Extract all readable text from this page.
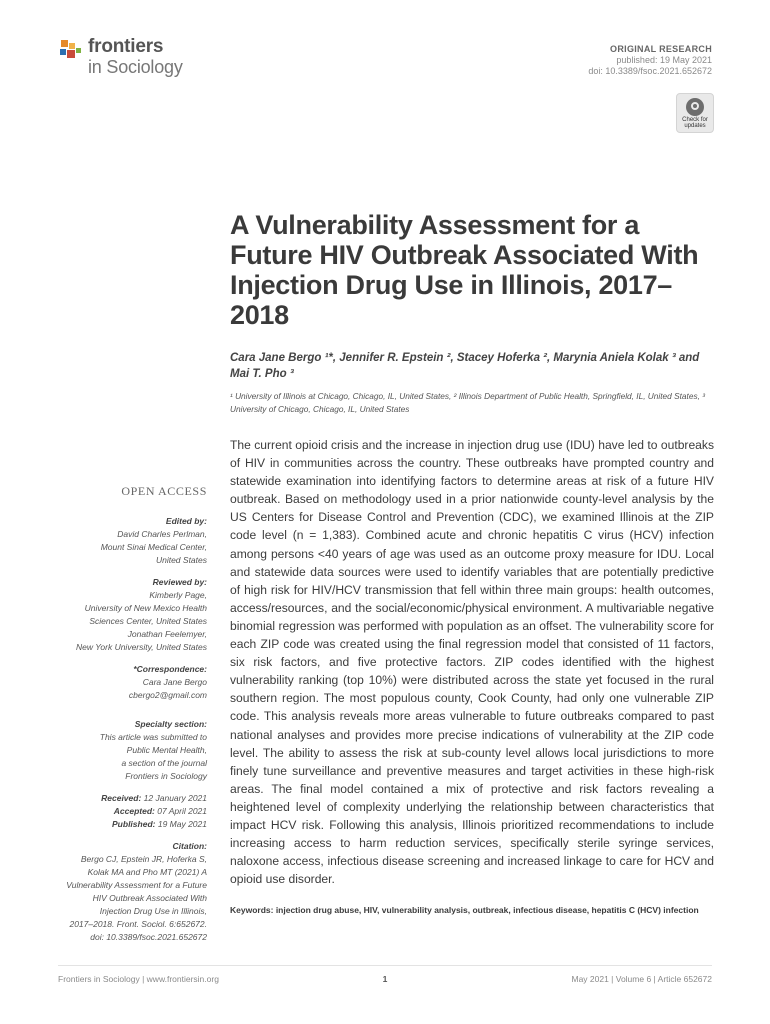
frontiers
in Sociology
ORIGINAL RESEARCH
published: 19 May 2021
doi: 10.3389/fsoc.2021.652672
Check for updates
A Vulnerability Assessment for a Future HIV Outbreak Associated With Injection Drug Use in Illinois, 2017–2018
Cara Jane Bergo ¹*, Jennifer R. Epstein ², Stacey Hoferka ², Marynia Aniela Kolak ³ and Mai T. Pho ³
¹ University of Illinois at Chicago, Chicago, IL, United States, ² Illinois Department of Public Health, Springfield, IL, United States, ³ University of Chicago, Chicago, IL, United States
OPEN ACCESS
Edited by:
David Charles Perlman,
Mount Sinai Medical Center,
United States
Reviewed by:
Kimberly Page,
University of New Mexico Health
Sciences Center, United States
Jonathan Feelemyer,
New York University, United States
*Correspondence:
Cara Jane Bergo
cbergo2@gmail.com
Specialty section:
This article was submitted to
Public Mental Health,
a section of the journal
Frontiers in Sociology
Received: 12 January 2021
Accepted: 07 April 2021
Published: 19 May 2021
Citation:
Bergo CJ, Epstein JR, Hoferka S,
Kolak MA and Pho MT (2021) A
Vulnerability Assessment for a Future
HIV Outbreak Associated With
Injection Drug Use in Illinois,
2017–2018. Front. Sociol. 6:652672.
doi: 10.3389/fsoc.2021.652672
The current opioid crisis and the increase in injection drug use (IDU) have led to outbreaks of HIV in communities across the country. These outbreaks have prompted country and statewide examination into identifying factors to determine areas at risk of a future HIV outbreak. Based on methodology used in a prior nationwide county-level analysis by the US Centers for Disease Control and Prevention (CDC), we examined Illinois at the ZIP code level (n = 1,383). Combined acute and chronic hepatitis C virus (HCV) infection among persons <40 years of age was used as an outcome proxy measure for IDU. Local and statewide data sources were used to identify variables that are potentially predictive of high risk for HIV/HCV transmission that fell within three main groups: health outcomes, access/resources, and the social/economic/physical environment. A multivariable negative binomial regression was performed with population as an offset. The vulnerability score for each ZIP code was created using the final regression model that consisted of 11 factors, six risk factors, and five protective factors. ZIP codes identified with the highest vulnerability ranking (top 10%) were distributed across the state yet focused in the rural southern region. The most populous county, Cook County, had only one vulnerable ZIP code. This analysis reveals more areas vulnerable to future outbreaks compared to past national analyses and provides more precise indications of vulnerability at the ZIP code level. The ability to assess the risk at sub-county level allows local jurisdictions to more finely tune surveillance and preventive measures and target activities in these high-risk areas. The final model contained a mix of protective and risk factors revealing a heightened level of complexity underlying the relationship between characteristics that impact HCV risk. Following this analysis, Illinois prioritized recommendations to include increasing access to harm reduction services, specifically sterile syringe services, naloxone access, infectious disease screening and increased linkage to care for HCV and opioid use disorder.
Keywords: injection drug abuse, HIV, vulnerability analysis, outbreak, infectious disease, hepatitis C (HCV) infection
Frontiers in Sociology | www.frontiersin.org	1	May 2021 | Volume 6 | Article 652672
